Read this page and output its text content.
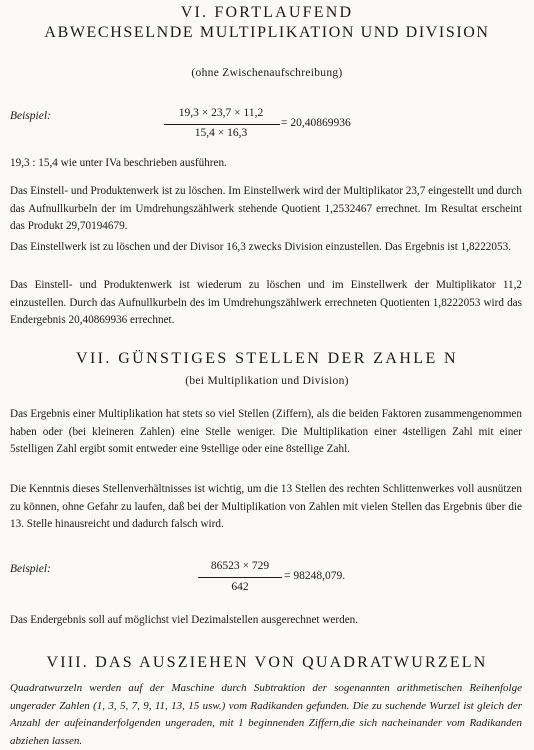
VI. FORTLAUFEND
ABWECHSELNDE MULTIPLIKATION UND DIVISION
(ohne Zwischenaufschreibung)
Beispiel:	19,3 × 23,7 × 11,2
15,4 × 16,3
= 20,40869936

19,3 : 15,4 wie unter IVa beschrieben ausführen.

Das Einstell- und Produktenwerk ist zu löschen. Im Einstellwerk wird der Multiplikator 23,7 eingestellt und durch das Aufnullkurbeln der im Umdrehungszählwerk stehende Quotient 1,2532467 errechnet. Im Resultat erscheint das Produkt 29,70194679.

Das Einstellwerk ist zu löschen und der Divisor 16,3 zwecks Division einzustellen. Das Ergebnis ist 1,8222053.

Das Einstell- und Produktenwerk ist wiederum zu löschen und im Einstellwerk der Multiplikator 11,2 einzustellen. Durch das Aufnullkurbeln des im Umdrehungszählwerk errechneten Quotienten 1,8222053 wird das Endergebnis 20,40869936 errechnet.

VII. GÜNSTIGES STELLEN DER ZAHLE N
(bei Multiplikation und Division)

Das Ergebnis einer Multiplikation hat stets so viel Stellen (Ziffern), als die beiden Faktoren zusammengenommen haben oder (bei kleineren Zahlen) eine Stelle weniger. Die Multiplikation einer 4stelligen Zahl mit einer 5stelligen Zahl ergibt somit entweder eine 9stellige oder eine 8stellige Zahl.

Die Kenntnis dieses Stellenverhältnisses ist wichtig, um die 13 Stellen des rechten Schlittenwerkes voll ausnützen zu können, ohne Gefahr zu laufen, daß bei der Multiplikation von Zahlen mit vielen Stellen das Ergebnis über die 13. Stelle hinausreicht und dadurch falsch wird.

Beispiel:	86523 × 729
642
= 98248,079.

Das Endergebnis soll auf möglichst viel Dezimalstellen ausgerechnet werden.

VIII. DAS AUSZIEHEN VON QUADRATWURZELN

Quadratwurzeln werden auf der Maschine durch Subtraktion der sogenannten arithmetischen Reihenfolge ungerader Zahlen (1, 3, 5, 7, 9, 11, 13, 15 usw.) vom Radikanden gefunden. Die zu suchende Wurzel ist gleich der Anzahl der aufeinanderfolgenden ungeraden, mit 1 beginnenden Ziffern,die sich nacheinander vom Radikanden abziehen lassen.
